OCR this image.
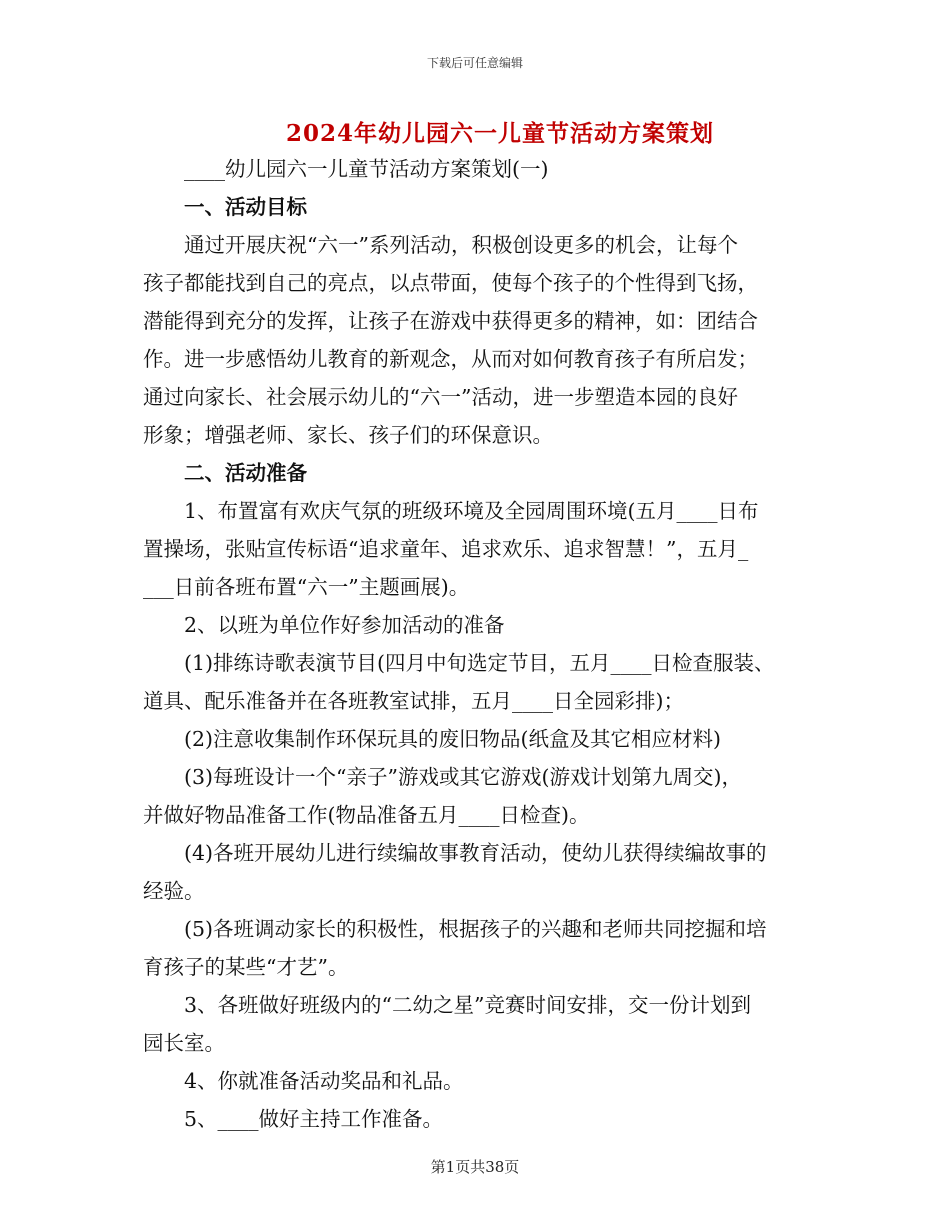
下载后可任意编辑
2024年幼儿园六一儿童节活动方案策划

____幼儿园六一儿童节活动方案策划(一)

一、活动目标

通过开展庆祝“六一”系列活动，积极创设更多的机会，让每个
孩子都能找到自己的亮点，以点带面，使每个孩子的个性得到飞扬，
潜能得到充分的发挥，让孩子在游戏中获得更多的精神，如：团结合
作。进一步感悟幼儿教育的新观念，从而对如何教育孩子有所启发；
通过向家长、社会展示幼儿的“六一”活动，进一步塑造本园的良好
形象；增强老师、家长、孩子们的环保意识。

二、活动准备

1、布置富有欢庆气氛的班级环境及全园周围环境(五月____日布
置操场，张贴宣传标语“追求童年、追求欢乐、追求智慧！”，五月_
___日前各班布置“六一”主题画展)。

2、以班为单位作好参加活动的准备

(1)排练诗歌表演节目(四月中旬选定节目，五月____日检查服装、
道具、配乐准备并在各班教室试排，五月____日全园彩排)；

(2)注意收集制作环保玩具的废旧物品(纸盒及其它相应材料)

(3)每班设计一个“亲子”游戏或其它游戏(游戏计划第九周交)，
并做好物品准备工作(物品准备五月____日检查)。

(4)各班开展幼儿进行续编故事教育活动，使幼儿获得续编故事的
经验。

(5)各班调动家长的积极性，根据孩子的兴趣和老师共同挖掘和培
育孩子的某些“才艺”。

3、各班做好班级内的“二幼之星”竞赛时间安排，交一份计划到
园长室。

4、你就准备活动奖品和礼品。

5、____做好主持工作准备。

第1页共38页
